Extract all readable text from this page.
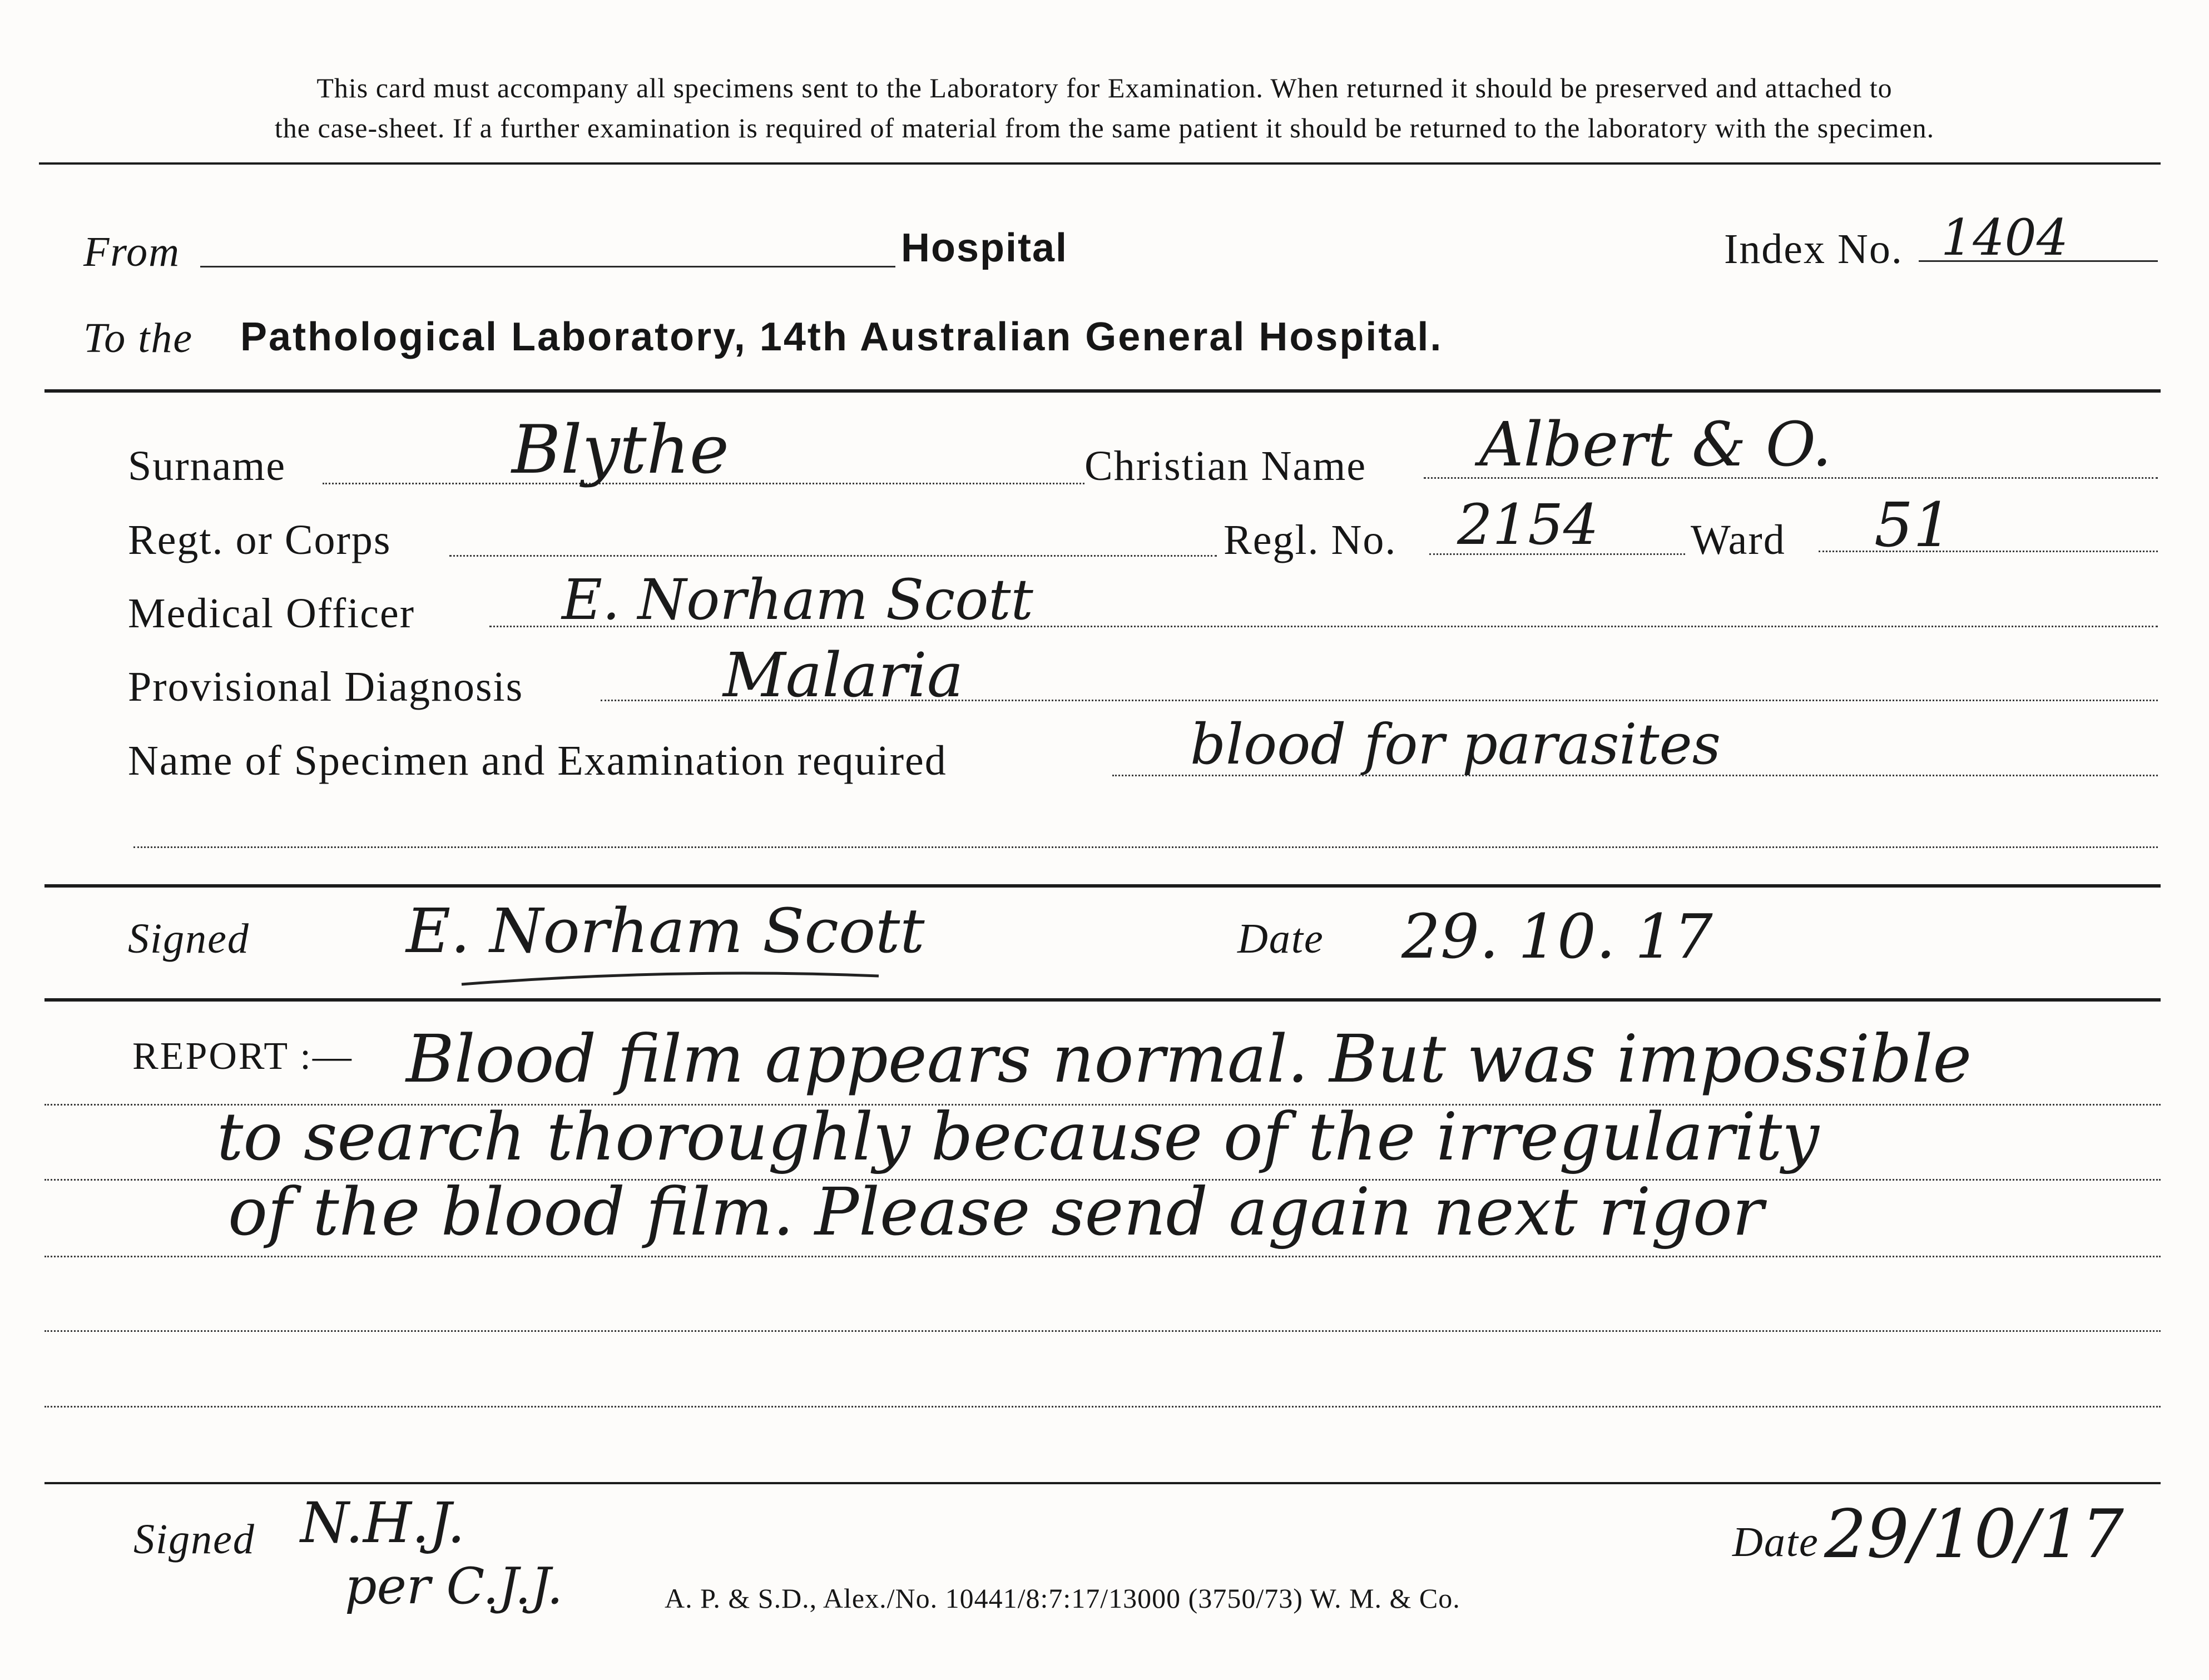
This card must accompany all specimens sent to the Laboratory for Examination. When returned it should be preserved and attached to
the case-sheet. If a further examination is required of material from the same patient it should be returned to the laboratory with the specimen.
From	Hospital	Index No. 1404
To the Pathological Laboratory, 14th Australian General Hospital.
Surname	Blythe	Christian Name Albert & O.
Regt. or Corps	Regl. No. 2154 Ward 51
Medical Officer	E. Norham Scott
Provisional Diagnosis	Malaria
Name of Specimen and Examination required	blood for parasites
Signed	E. Norham Scott	Date 29. 10. 17
REPORT :— Blood film appears normal. But was impossible
to search thoroughly because of the irregularity
of the blood film. Please send again next rigor
Signed N.H.J.
per C.J.J.	A. P. & S.D., Alex./No. 10441/8:7:17/13000 (3750/73) W. M. & Co.
Date 29/10/17
